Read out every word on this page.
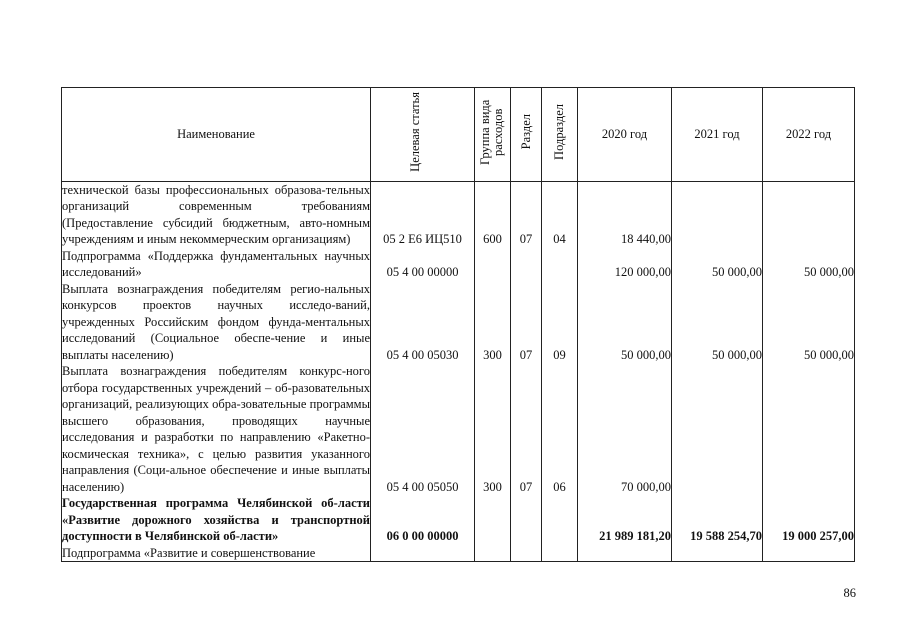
Наименование	Целевая статья	Группа вида расходов	Раздел	Подраздел	2020 год	2021 год	2022 год
технической базы профессиональных образова-тельных организаций современным требованиям (Предоставление субсидий бюджетным, авто-номным учреждениям и иным некоммерческим организациям)	05 2 Е6 ИЦ510	600	07	04	18 440,00		
Подпрограмма «Поддержка фундаментальных научных исследований»	05 4 00 00000				120 000,00	50 000,00	50 000,00
Выплата вознаграждения победителям регио-нальных конкурсов проектов научных исследо-ваний, учрежденных Российским фондом фунда-ментальных исследований (Социальное обеспе-чение и иные выплаты населению)	05 4 00 05030	300	07	09	50 000,00	50 000,00	50 000,00
Выплата вознаграждения победителям конкурс-ного отбора государственных учреждений – об-разовательных организаций, реализующих обра-зовательные программы высшего образования, проводящих научные исследования и разработки по направлению «Ракетно-космическая техника», с целью развития указанного направления (Соци-альное обеспечение и иные выплаты населению)	05 4 00 05050	300	07	06	70 000,00		
Государственная программа Челябинской об-ласти «Развитие дорожного хозяйства и транспортной доступности в Челябинской об-ласти»	06 0 00 00000				21 989 181,20	19 588 254,70	19 000 257,00
Подпрограмма «Развитие и совершенствование							
86
